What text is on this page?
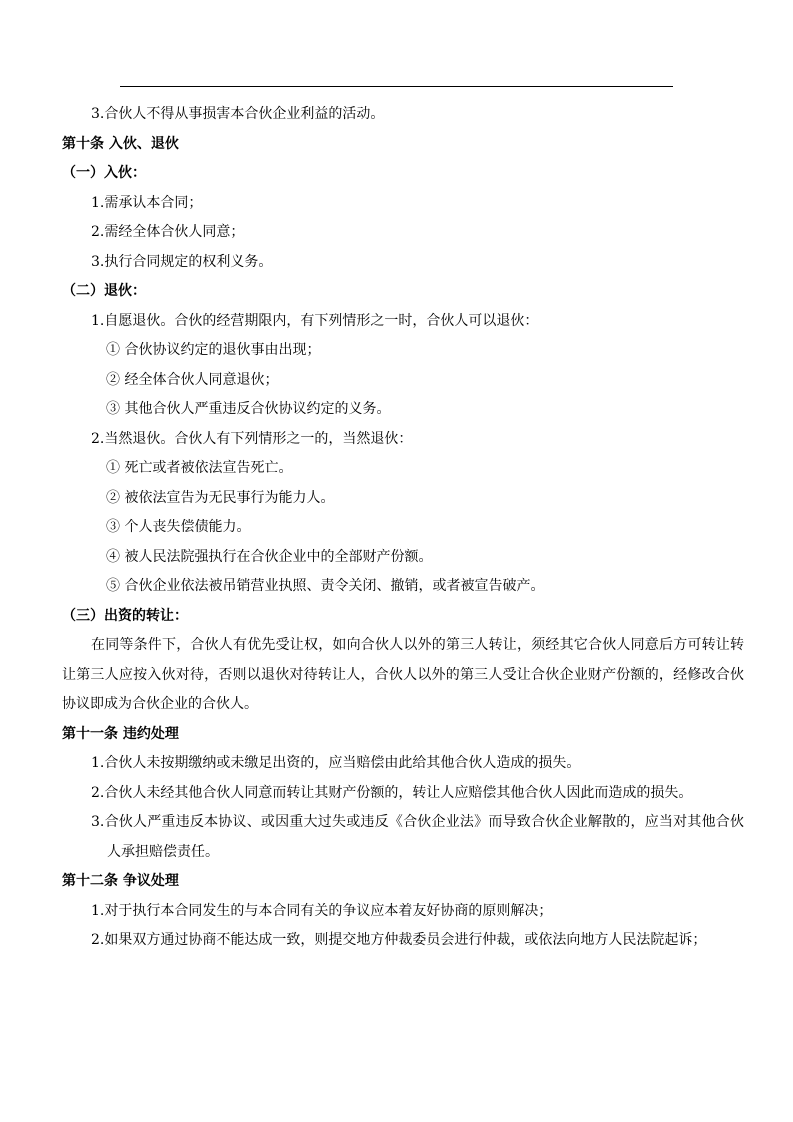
3.合伙人不得从事损害本合伙企业利益的活动。
第十条 入伙、退伙
（一）入伙：
1.需承认本合同；
2.需经全体合伙人同意；
3.执行合同规定的权利义务。
（二）退伙：
1.自愿退伙。合伙的经营期限内，有下列情形之一时，合伙人可以退伙：
① 合伙协议约定的退伙事由出现；
② 经全体合伙人同意退伙；
③ 其他合伙人严重违反合伙协议约定的义务。
2.当然退伙。合伙人有下列情形之一的，当然退伙：
① 死亡或者被依法宣告死亡。
② 被依法宣告为无民事行为能力人。
③ 个人丧失偿债能力。
④ 被人民法院强执行在合伙企业中的全部财产份额。
⑤ 合伙企业依法被吊销营业执照、责令关闭、撤销，或者被宣告破产。
（三）出资的转让：
在同等条件下，合伙人有优先受让权，如向合伙人以外的第三人转让，须经其它合伙人同意后方可转让转让第三人应按入伙对待，否则以退伙对待转让人，合伙人以外的第三人受让合伙企业财产份额的，经修改合伙协议即成为合伙企业的合伙人。
第十一条 违约处理
1.合伙人未按期缴纳或未缴足出资的，应当赔偿由此给其他合伙人造成的损失。
2.合伙人未经其他合伙人同意而转让其财产份额的，转让人应赔偿其他合伙人因此而造成的损失。
3.合伙人严重违反本协议、或因重大过失或违反《合伙企业法》而导致合伙企业解散的，应当对其他合伙人承担赔偿责任。
第十二条 争议处理
1.对于执行本合同发生的与本合同有关的争议应本着友好协商的原则解决；
2.如果双方通过协商不能达成一致，则提交地方仲裁委员会进行仲裁，或依法向地方人民法院起诉；
